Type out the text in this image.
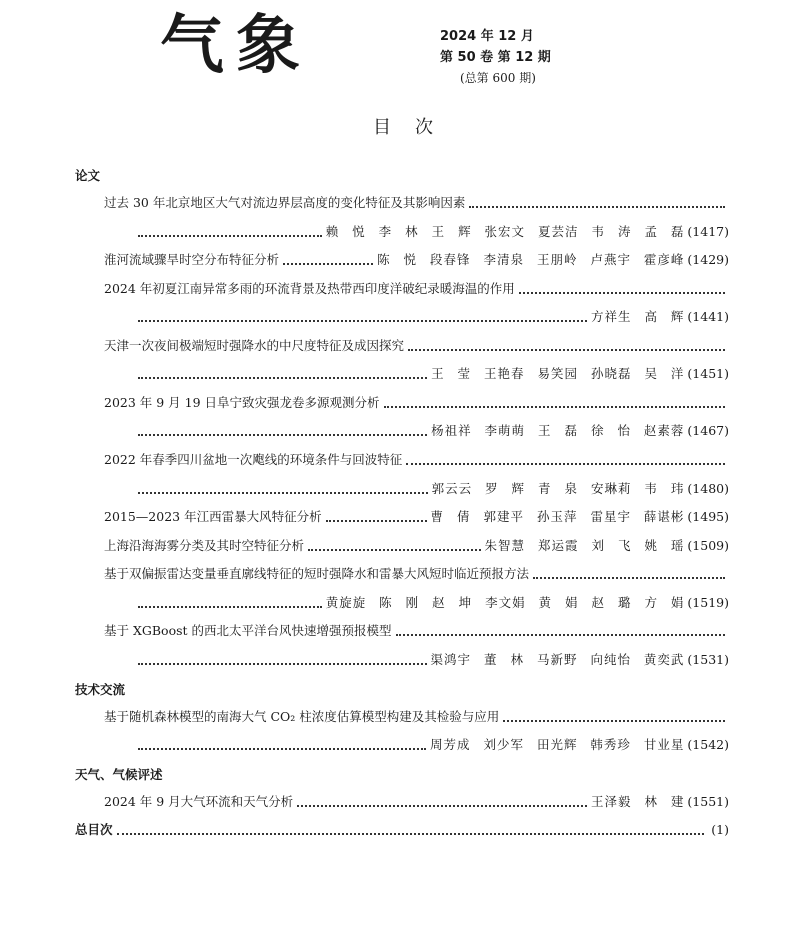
气象	2024 年 12 月
第 50 卷 第 12 期
(总第 600 期)
目次
论文
过去 30 年北京地区大气对流边界层高度的变化特征及其影响因素
赖 悦 李 林 王 辉 张宏文 夏芸洁 韦 涛 孟 磊 (1417)
淮河流域骤旱时空分布特征分析	陈 悦 段春锋 李清泉 王朋岭 卢燕宇 霍彦峰 (1429)
2024 年初夏江南异常多雨的环流背景及热带西印度洋破纪录暖海温的作用
方祥生 高 辉 (1441)
天津一次夜间极端短时强降水的中尺度特征及成因探究
王 莹 王艳春 易笑园 孙晓磊 吴 洋 (1451)
2023 年 9 月 19 日阜宁致灾强龙卷多源观测分析
杨祖祥 李萌萌 王 磊 徐 怡 赵素蓉 (1467)
2022 年春季四川盆地一次飑线的环境条件与回波特征
郭云云 罗 辉 青 泉 安琳莉 韦 玮 (1480)
2015—2023 年江西雷暴大风特征分析	曹 倩 郭建平 孙玉萍 雷星宇 薛谌彬 (1495)
上海沿海海雾分类及其时空特征分析	朱智慧 郑运霞 刘 飞 姚 瑶 (1509)
基于双偏振雷达变量垂直廓线特征的短时强降水和雷暴大风短时临近预报方法
黄旋旋 陈 刚 赵 坤 李文娟 黄 娟 赵 璐 方 娟 (1519)
基于 XGBoost 的西北太平洋台风快速增强预报模型
渠鸿宇 董 林 马新野 向纯怡 黄奕武 (1531)
技术交流
基于随机森林模型的南海大气 CO₂ 柱浓度估算模型构建及其检验与应用
周芳成 刘少军 田光辉 韩秀珍 甘业星 (1542)
天气、气候评述
2024 年 9 月大气环流和天气分析	王泽毅 林 建 (1551)
总目次	(1)
